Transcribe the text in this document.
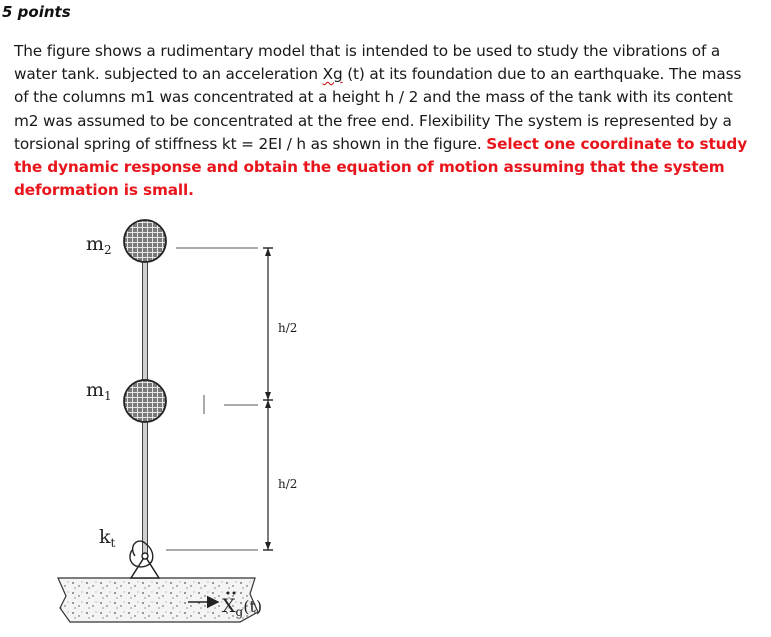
5 points
The figure shows a rudimentary model that is intended to be used to study the vibrations of a
water tank. subjected to an acceleration Xg (t) at its foundation due to an earthquake. The mass
of the columns m1 was concentrated at a height h / 2 and the mass of the tank with its content
m2 was assumed to be concentrated at the free end. Flexibility The system is represented by a
torsional spring of stiffness kt = 2EI / h as shown in the figure. Select one coordinate to study
the dynamic response and obtain the equation of motion assuming that the system
deformation is small.
$m_2$
$m_1$
$k_t$
h/2
h/2
$X_g^{(t)}$
